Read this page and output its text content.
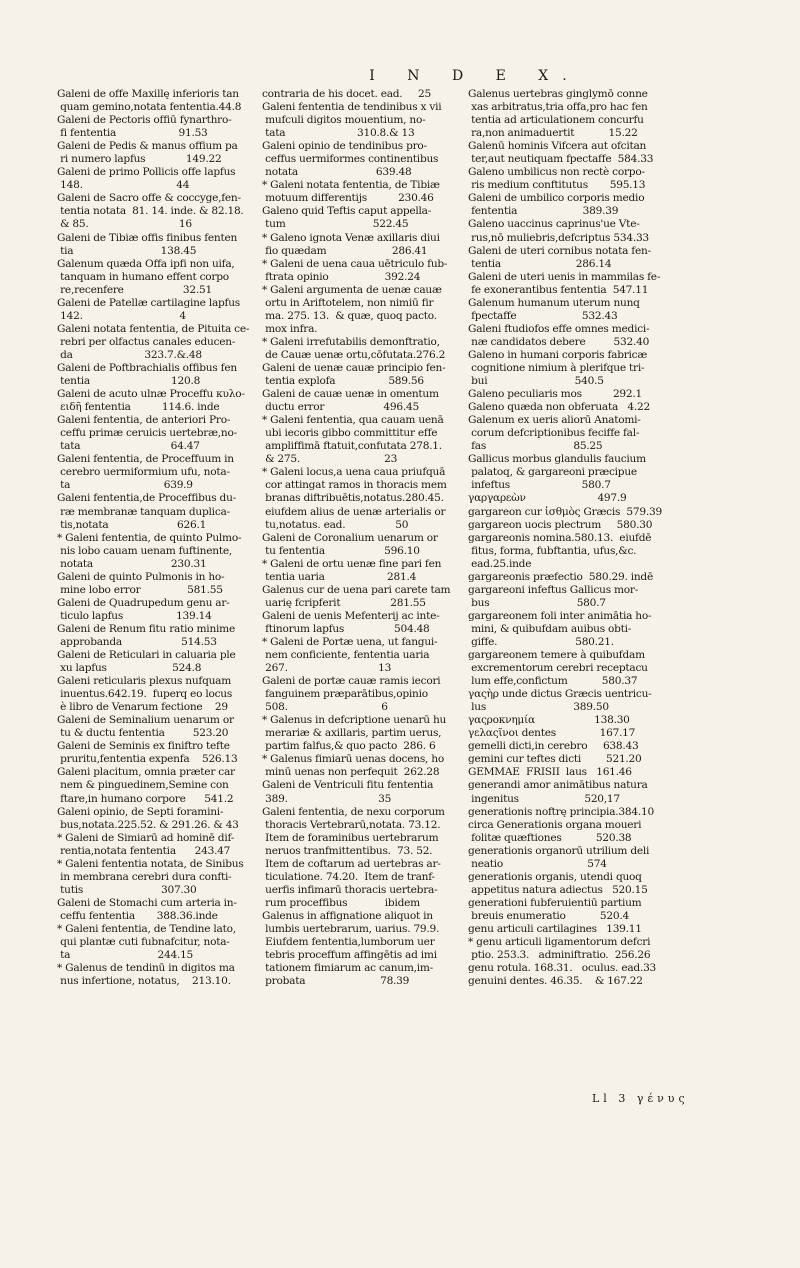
I N D E X.
Galeni de offe Maxillę inferioris tan
quam gemino,notata fententia.44.8
Galeni de Pectoris offiū fynarthro-
fi fententia                    91.53
Galeni de Pedis & manus offium pa
ri numero lapfus             149.22
Galeni de primo Pollicis offe lapfus
148.                              44
Galeni de Sacro offe & coccyge,fen-
tentia notata  81. 14. inde. & 82.18.
& 85.                             16
Galeni de Tibiæ offis finibus fenten
tia                            138.45
Galenum quæda Offa ipfi non uifa,
tanquam in humano effent corpo
re,recenfere                   32.51
Galeni de Patellæ cartilagine lapfus
142.                               4
Galeni notata fententia, de Pituita ce-
rebri per olfactus canales educen-
da                       323.7.&.48
Galeni de Poftbrachialis offibus fen
tentia                          120.8
Galeni de acuto ulnæ Proceffu κυλο-
ειδῆ fententia          114.6. inde
Galeni fententia, de anteriori Pro-
ceffu primæ ceruicis uertebræ,no-
tata                             64.47
Galeni fententia, de Proceffuum in
cerebro uermiformium ufu, nota-
ta                              639.9
Galeni fententia,de Proceffibus du-
ræ membranæ tanquam duplica-
tis,notata                      626.1
* Galeni fententia, de quinto Pulmo-
nis lobo cauam uenam fuftinente,
notata                         230.31
Galeni de quinto Pulmonis in ho-
mine lobo error               581.55
Galeni de Quadrupedum genu ar-
ticulo lapfus                 139.14
Galeni de Renum fitu ratio minime
approbanda                   514.53
Galeni de Reticulari in caluaria ple
xu lapfus                     524.8
Galeni reticularis plexus nufquam
inuentus.642.19.  fuperq eo locus
è libro de Venarum fectione    29
Galeni de Seminalium uenarum or
tu & ductu fententia         523.20
Galeni de Seminis ex finiftro tefte
pruritu,fententia expenfa    526.13
Galeni placitum, omnia præter car
nem & pinguedinem,Semine con
ftare,in humano corpore      541.2
Galeni opinio, de Septi foramini-
bus,notata.225.52. & 291.26. & 43
* Galeni de Simiarū ad hominē dif-
rentia,notata fententia      243.47
* Galeni fententia notata, de Sinibus
in membrana cerebri dura confti-
tutis                         307.30
Galeni de Stomachi cum arteria in-
ceffu fententia       388.36.inde
* Galeni fententia, de Tendine lato,
qui plantæ cuti fubnafcitur, nota-
ta                            244.15
* Galenus de tendinū in digitos ma
nus infertione, notatus,    213.10.
contraria de his docet. ead.     25
Galeni fententia de tendinibus x vii
mufculi digitos mouentium, no-
tata                       310.8.& 13
Galeni opinio de tendinibus pro-
ceffus uermiformes continentibus
notata                         639.48
* Galeni notata fententia, de Tibiæ
motuum differentijs          230.46
Galeno quid Teftis caput appella-
tum                            522.45
* Galeno ignota Venæ axillaris diui
fio quædam                     286.41
* Galeni de uena caua uētriculo fub-
ftrata opinio                  392.24
* Galeni argumenta de uenæ cauæ
ortu in Ariftotelem, non nimiū fir
ma. 275. 13.  & quæ, quoq pacto.
mox infra.
* Galeni irrefutabilis demonftratio,
de Cauæ uenæ ortu,cōfutata.276.2
Galeni de uenæ cauæ principio fen-
tentia explofa                 589.56
Galeni de cauæ uenæ in omentum
ductu error                   496.45
* Galeni fententia, qua cauam uenā
ubi iecoris gibbo committitur effe
ampliffimā ftatuit,confutata 278.1.
& 275.                           23
* Galeni locus,a uena caua priufquā
cor attingat ramos in thoracis mem
branas diftribuētis,notatus.280.45.
eiufdem alius de uenæ arterialis or
tu,notatus. ead.                50
Galeni de Coronalium uenarum or
tu fententia                   596.10
* Galeni de ortu uenæ fine pari fen
tentia uaria                    281.4
Galenus cur de uena pari carete tam
uarię fcripferit                281.55
Galeni de uenis Mefenterij ac inte-
ftinorum lapfus                504.48
* Galeni de Portæ uena, ut fangui-
nem conficiente, fententia uaria
267.                             13
Galeni de portæ cauæ ramis iecori
fanguinem præparātibus,opinio
508.                              6
* Galenus in defcriptione uenarū hu
merariæ & axillaris, partim uerus,
partim falfus,& quo pacto  286. 6
* Galenus fimiarū uenas docens, ho
minū uenas non perfequit  262.28
Galeni de Ventriculi fitu fententia
389.                             35
Galeni fententia, de nexu corporum
thoracis Vertebrarū,notata. 73.12.
Item de foraminibus uertebrarum
neruos tranfmittentibus.  73. 52.
Item de coftarum ad uertebras ar-
ticulatione. 74.20.  Item de tranf-
uerfis infimarū thoracis uertebra-
rum proceffibus            ibidem
Galenus in affignatione aliquot in
lumbis uertebrarum, uarius. 79.9.
Eiufdem fententia,lumborum uer
tebris proceffum affingētis ad imi
tationem fimiarum ac canum,im-
probata                        78.39
Galenus uertebras ginglymō conne
xas arbitratus,tria offa,pro hac fen
tentia ad articulationem concurfu
ra,non animaduertit           15.22
Galenū hominis Vifcera aut ofcitan
ter,aut neutiquam fpectaffe  584.33
Galeno umbilicus non rectè corpo-
ris medium conftitutus       595.13
Galeni de umbilico corporis medio
fententia                     389.39
Galeno uaccinus caprinus'ue Vte-
rus,nō muliebris,defcriptus 534.33
Galeni de uteri cornibus notata fen-
tentia                        286.14
Galeni de uteri uenis in mammilas fe-
fe exonerantibus fententia  547.11
Galenum humanum uterum nunq
fpectaffe                     532.43
Galeni ftudiofos effe omnes medici-
næ candidatos debere         532.40
Galeno in humani corporis fabricæ
cognitione nimium à plerifque tri-
bui                            540.5
Galeno peculiaris mos          292.1
Galeno quæda non obferuata   4.22
Galenum ex ueris aliorū Anatomi-
corum defcriptionibus feciffe fal-
fas                            85.25
Gallicus morbus glandulis faucium
palatoq, & gargareoni præcipue
infeftus                       580.7
γαργαρεὼν                       497.9
gargareon cur ἰσθμὸς Græcis  579.39
gargareon uocis plectrum     580.30
gargareonis nomina.580.13.  eiufdē
fitus, forma, fubftantia, ufus,&c.
ead.25.inde
gargareonis præfectio  580.29. indē
gargareoni infeftus Gallicus mor-
bus                            580.7
gargareonem foli inter animātia ho-
mini, & quibufdam auibus obti-
giffe.                         580.21.
gargareonem temere à quibufdam
excrementorum cerebri receptacu
lum effe,confictum           580.37
γαςὴρ unde dictus Græcis uentricu-
lus                            389.50
γαςροκνημία                   138.30
γελαςῖνοι dentes              167.17
gemelli dicti,in cerebro     638.43
gemini cur teftes dicti        521.20
GEMMAE  FRISII  laus   161.46
generandi amor animātibus natura
ingenitus                     520,17
generationis noftrę principia.384.10
circa Generationis organa moueri
folitæ quæftiones           520.38
generationis organorū utrilium deli
neatio                           574
generationis organis, utendi quoq
appetitus natura adiectus   520.15
generationi fubferuientiū partium
breuis enumeratio           520.4
genu articuli cartilagines   139.11
* genu articuli ligamentorum defcri
ptio. 253.3.   adminiftratio.  256.26
genu rotula. 168.31.   oculus. ead.33
genuini dentes. 46.35.    & 167.22
Ll 3 γένυς
